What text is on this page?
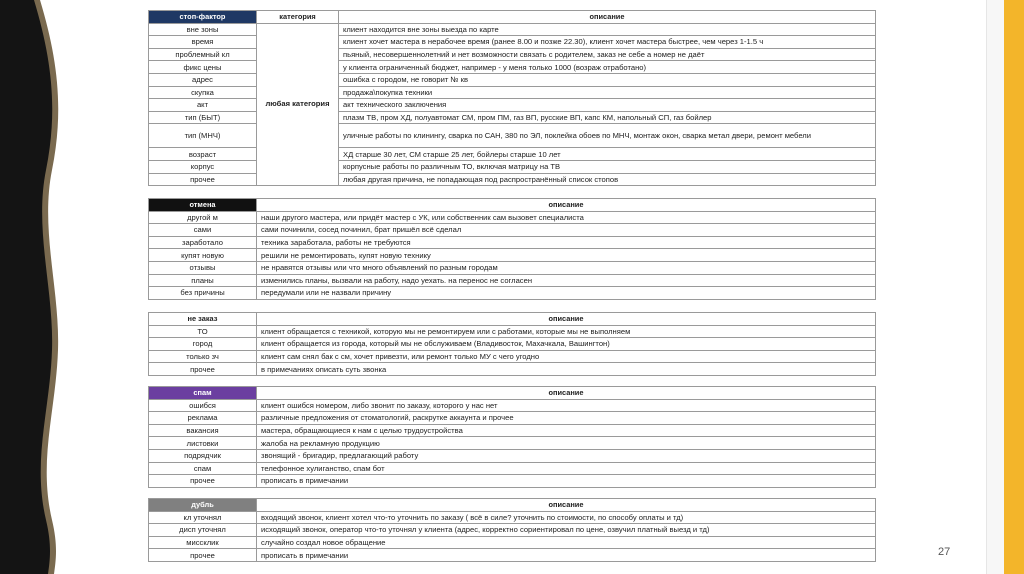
стоп-фактор	категория	описание
вне зоны	любая категория	клиент находится вне зоны выезда по карте
время		клиент хочет мастера в нерабочее время (ранее 8.00 и позже 22.30), клиент хочет мастера быстрее, чем через 1-1.5 ч
проблемный кл		пьяный, несовершеннолетний и нет возможности связать с родителем, заказ не себе а номер не даёт
фикс цены		у клиента ограниченный бюджет, например - у меня только 1000 (возраж отработано)
адрес		ошибка с городом, не говорит № кв
скупка		продажа\покупка техники
акт		акт технического заключения
тип (БЫТ)		плазм ТВ, пром ХД, полуавтомат СМ, пром ПМ, газ ВП, русские ВП, капс КМ, напольный СП, газ бойлер
тип (МНЧ)		уличные работы по клинингу, сварка по САН, 380 по ЭЛ, поклейка обоев по МНЧ, монтаж окон, сварка метал двери, ремонт мебели
возраст		ХД старше 30 лет, СМ старше 25 лет, бойлеры старше 10 лет
корпус		корпусные работы по различным ТО, включая матрицу на ТВ
прочее		любая другая причина, не попадающая под распространённый список стопов
отмена	описание
другой м	наши другого мастера, или придёт мастер с УК, или собственник сам вызовет специалиста
сами	сами починили, сосед починил, брат пришёл всё сделал
заработало	техника заработала, работы не требуются
купят новую	решили не ремонтировать, купят новую технику
отзывы	не нравятся отзывы или что много объявлений по разным городам
планы	изменились планы, вызвали на работу, надо уехать. на перенос не согласен
без причины	передумали или не назвали причину
не заказ	описание
ТО	клиент обращается с техникой, которую мы не ремонтируем или с работами, которые мы не выполняем
город	клиент обращается из города, который мы не обслуживаем (Владивосток, Махачкала, Вашингтон)
только зч	клиент сам снял бак с см, хочет привезти, или ремонт только МУ с чего угодно
прочее	в примечаниях описать суть звонка
спам	описание
ошибся	клиент ошибся номером, либо звонит по заказу, которого у нас нет
реклама	различные предложения от стоматологий, раскрутке аккаунта и прочее
вакансия	мастера, обращающиеся к нам с целью трудоустройства
листовки	жалоба на рекламную продукцию
подрядчик	звонящий - бригадир, предлагающий работу
спам	телефонное хулиганство, спам бот
прочее	прописать в примечании
дубль	описание
кл уточнял	входящий звонок, клиент хотел что-то уточнить по заказу ( всё в силе? уточнить по стоимости, по способу оплаты и тд)
дисп уточнял	исходящий звонок, оператор что-то уточнял у клиента (адрес, корректно сориентировал по цене, озвучил платный выезд и тд)
миссклик	случайно создал новое обращение
прочее	прописать в примечании	27
